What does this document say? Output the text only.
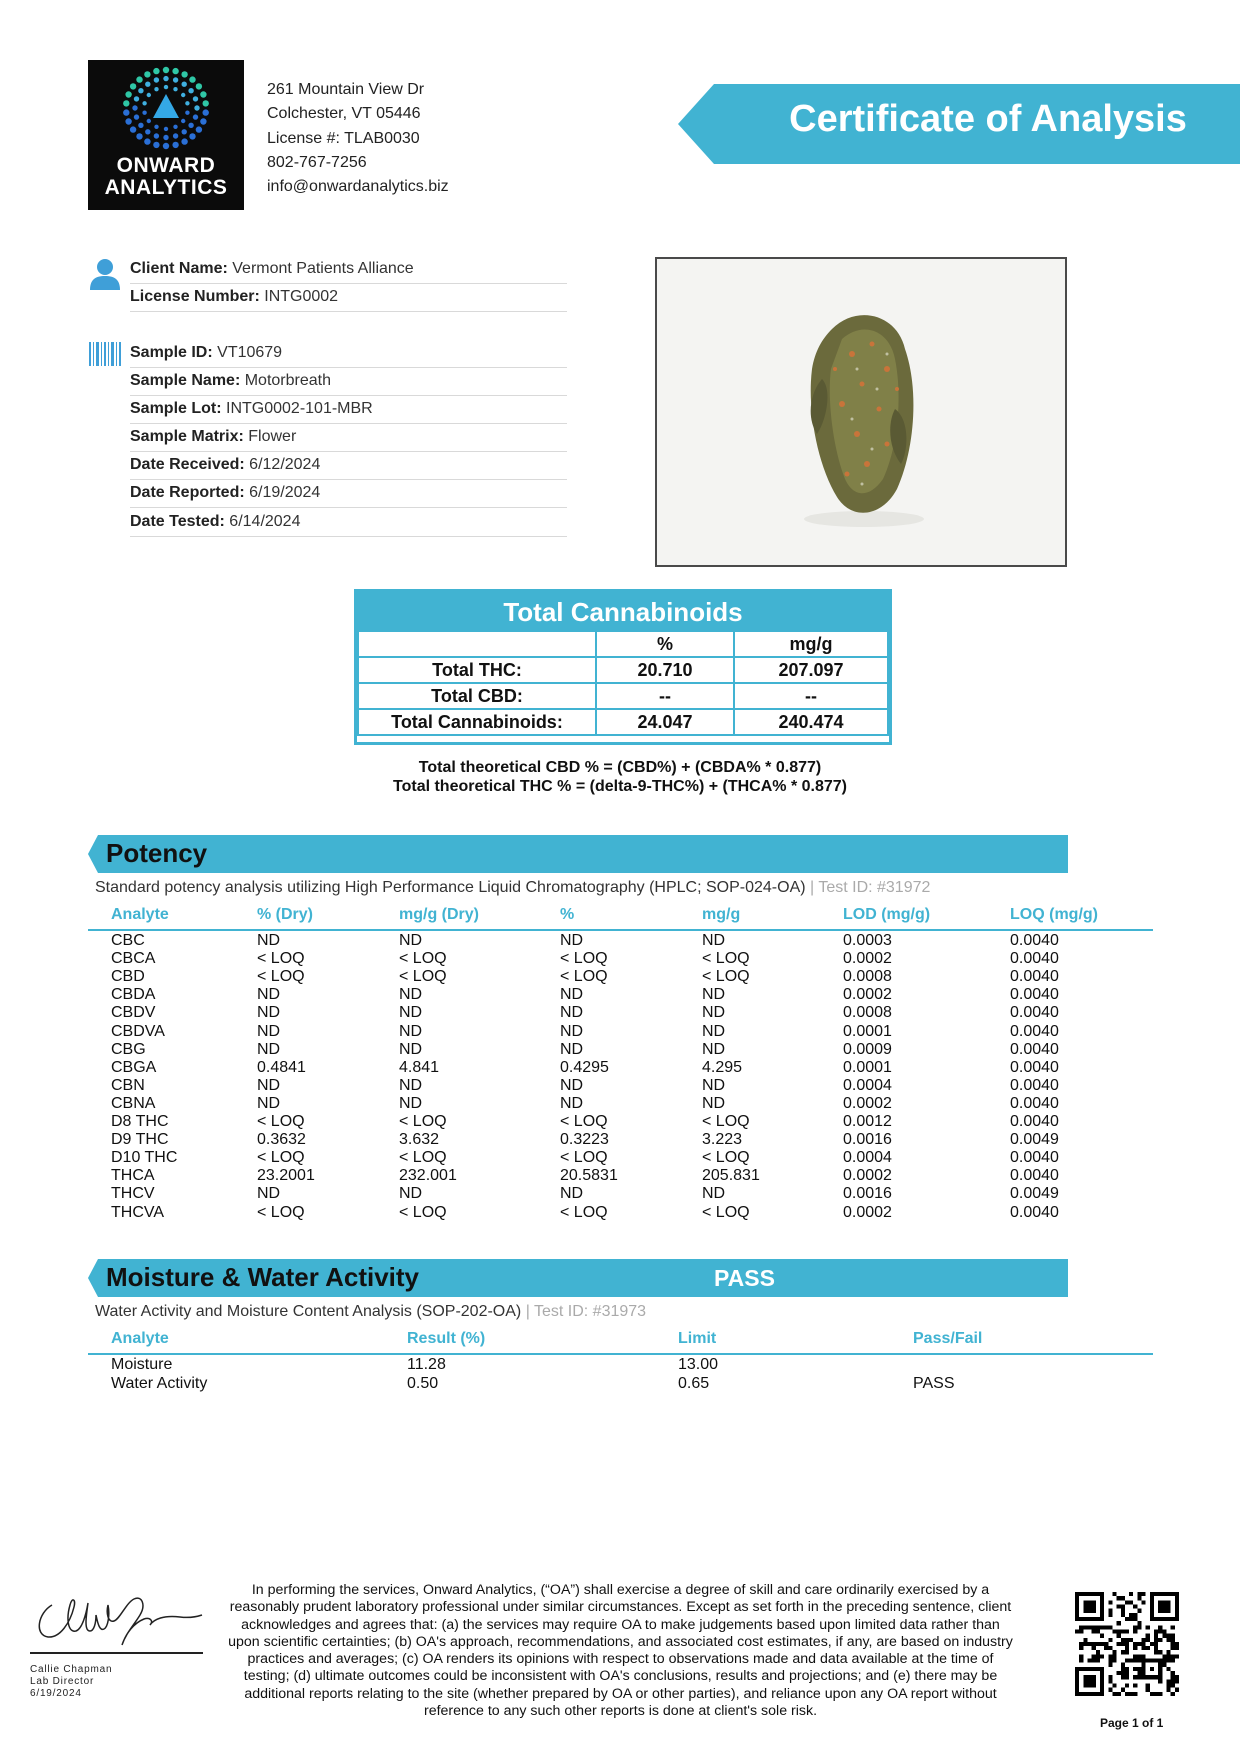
ONWARD
ANALYTICS
261 Mountain View Dr
Colchester, VT 05446
License #: TLAB0030
802-767-7256
info@onwardanalytics.biz
Certificate of Analysis
Client Name: Vermont Patients Alliance
License Number: INTG0002
Sample ID: VT10679
Sample Name: Motorbreath
Sample Lot: INTG0002-101-MBR
Sample Matrix: Flower
Date Received: 6/12/2024
Date Reported: 6/19/2024
Date Tested: 6/14/2024
Total Cannabinoids
	%	mg/g
Total THC:	20.710	207.097
Total CBD:	--	--
Total Cannabinoids:	24.047	240.474
Total theoretical CBD % = (CBD%) + (CBDA% * 0.877)
Total theoretical THC % = (delta-9-THC%) + (THCA% * 0.877)
Potency
Standard potency analysis utilizing High Performance Liquid Chromatography (HPLC; SOP-024-OA) | Test ID: #31972
Analyte	% (Dry)	mg/g (Dry)	%	mg/g	LOD (mg/g)	LOQ (mg/g)
CBC	ND	ND	ND	ND	0.0003	0.0040
CBCA	< LOQ	< LOQ	< LOQ	< LOQ	0.0002	0.0040
CBD	< LOQ	< LOQ	< LOQ	< LOQ	0.0008	0.0040
CBDA	ND	ND	ND	ND	0.0002	0.0040
CBDV	ND	ND	ND	ND	0.0008	0.0040
CBDVA	ND	ND	ND	ND	0.0001	0.0040
CBG	ND	ND	ND	ND	0.0009	0.0040
CBGA	0.4841	4.841	0.4295	4.295	0.0001	0.0040
CBN	ND	ND	ND	ND	0.0004	0.0040
CBNA	ND	ND	ND	ND	0.0002	0.0040
D8 THC	< LOQ	< LOQ	< LOQ	< LOQ	0.0012	0.0040
D9 THC	0.3632	3.632	0.3223	3.223	0.0016	0.0049
D10 THC	< LOQ	< LOQ	< LOQ	< LOQ	0.0004	0.0040
THCA	23.2001	232.001	20.5831	205.831	0.0002	0.0040
THCV	ND	ND	ND	ND	0.0016	0.0049
THCVA	< LOQ	< LOQ	< LOQ	< LOQ	0.0002	0.0040
Moisture & Water Activity	PASS
Water Activity and Moisture Content Analysis (SOP-202-OA) | Test ID: #31973
Analyte	Result (%)	Limit	Pass/Fail
Moisture	11.28	13.00
Water Activity	0.50	0.65	PASS
Callie Chapman
Lab Director
6/19/2024
In performing the services, Onward Analytics, (“OA”) shall exercise a degree of skill and care ordinarily exercised by a
reasonably prudent laboratory professional under similar circumstances. Except as set forth in the preceding sentence, client
acknowledges and agrees that: (a) the services may require OA to make judgements based upon limited data rather than
upon scientific certainties; (b) OA's approach, recommendations, and associated cost estimates, if any, are based on industry
practices and averages; (c) OA renders its opinions with respect to observations made and data available at the time of
testing; (d) ultimate outcomes could be inconsistent with OA's conclusions, results and projections; and (e) there may be
additional reports relating to the site (whether prepared by OA or other parties), and reliance upon any OA report without
reference to any such other reports is done at client's sole risk.
Page 1 of 1
